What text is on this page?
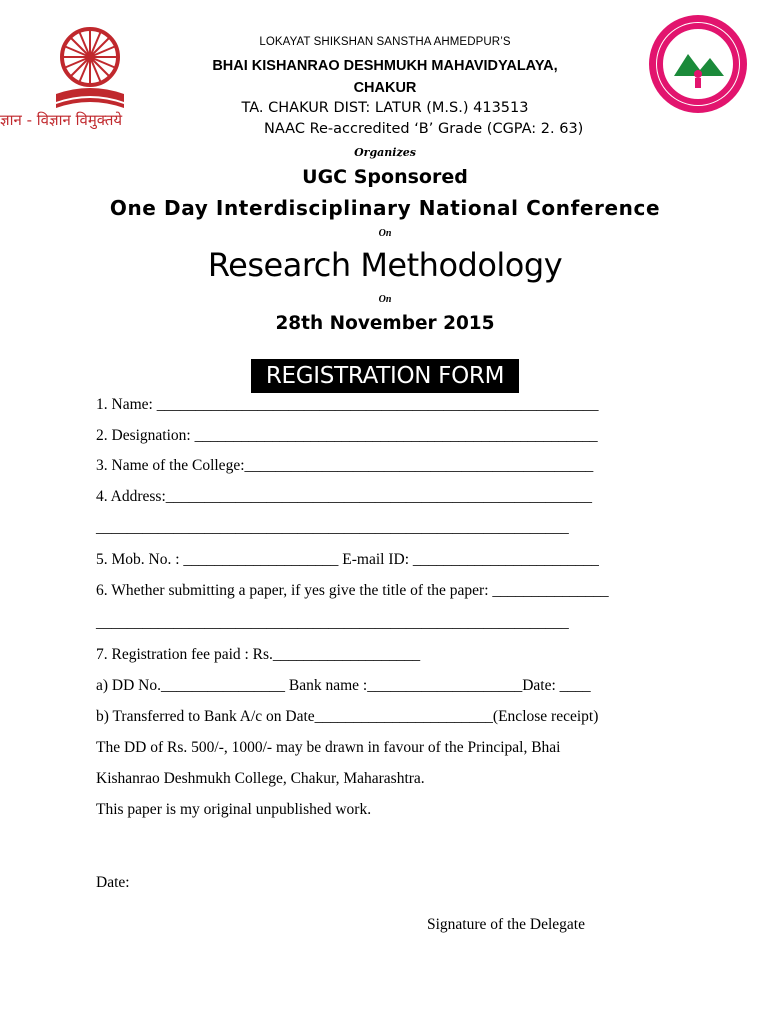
ज्ञान - विज्ञान विमुक्तये
LOKAYAT SHIKSHAN SANSTHA AHMEDPUR’S
BHAI KISHANRAO DESHMUKH MAHAVIDYALAYA,
CHAKUR
TA. CHAKUR DIST: LATUR (M.S.) 413513
NAAC Re-accredited ‘B’ Grade (CGPA: 2. 63)
Organizes
UGC Sponsored
One Day Interdisciplinary National Conference
On
Research Methodology
On
28th November 2015
REGISTRATION FORM
1. Name: _________________________________________________________
2. Designation: ____________________________________________________
3. Name of the College:_____________________________________________
4. Address:_______________________________________________________
_____________________________________________________________
5. Mob. No. : ____________________ E-mail ID: ________________________
6. Whether submitting a paper, if yes give the title of the paper: _______________
_____________________________________________________________
7. Registration fee paid : Rs.___________________
a) DD No.________________ Bank name :____________________Date: ____
b) Transferred to Bank A/c on Date_______________________(Enclose receipt)
The DD of Rs. 500/-, 1000/- may be drawn in favour of the Principal, Bhai
Kishanrao Deshmukh College, Chakur, Maharashtra.
This paper is my original unpublished work.
Date:
Signature of the Delegate
